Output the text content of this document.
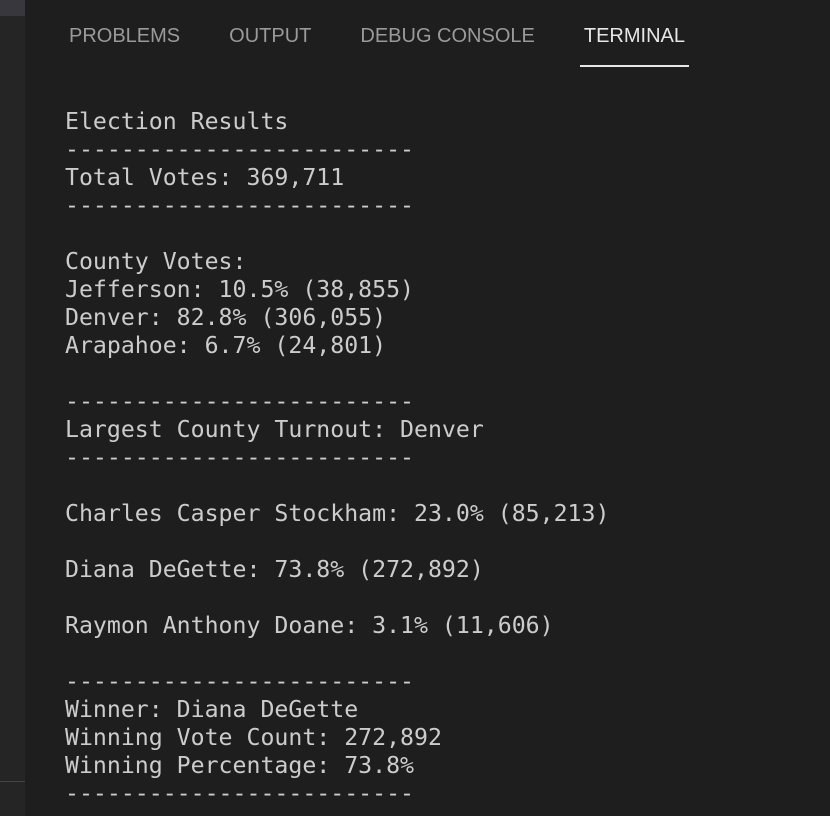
PROBLEMS OUTPUT DEBUG CONSOLE TERMINAL
Election Results
-------------------------
Total Votes: 369,711
-------------------------
County Votes:
Jefferson: 10.5% (38,855)
Denver: 82.8% (306,055)
Arapahoe: 6.7% (24,801)
-------------------------
Largest County Turnout: Denver
-------------------------
Charles Casper Stockham: 23.0% (85,213)
Diana DeGette: 73.8% (272,892)
Raymon Anthony Doane: 3.1% (11,606)
-------------------------
Winner: Diana DeGette
Winning Vote Count: 272,892
Winning Percentage: 73.8%
-------------------------
